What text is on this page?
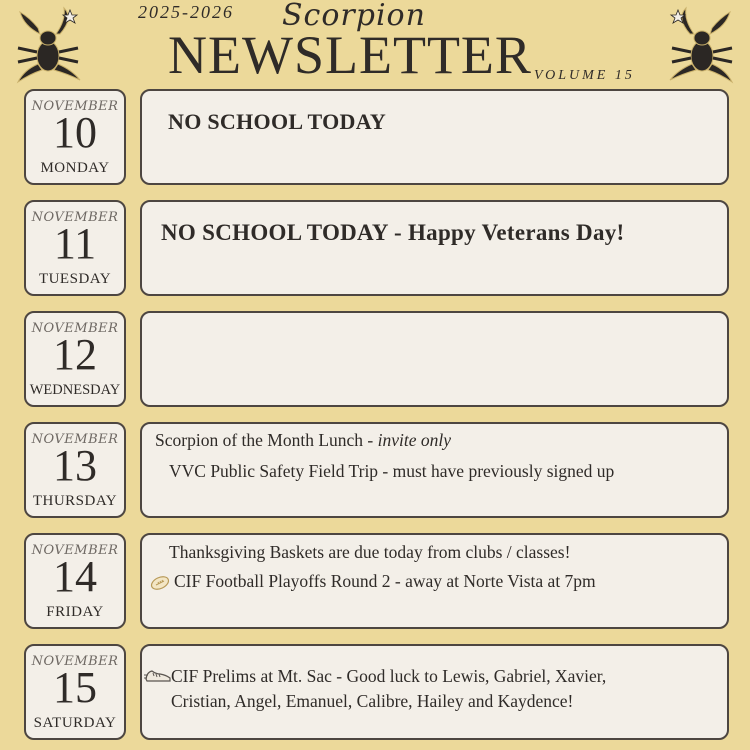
2025-2026 Scorpion
NEWSLETTER VOLUME 15
NOVEMBER
10
MONDAY
NO SCHOOL TODAY
NOVEMBER
11
TUESDAY
NO SCHOOL TODAY - Happy Veterans Day!
NOVEMBER
12
WEDNESDAY
NOVEMBER
13
THURSDAY
Scorpion of the Month Lunch - invite only
VVC Public Safety Field Trip - must have previously signed up
NOVEMBER
14
FRIDAY
Thanksgiving Baskets are due today from clubs / classes!
CIF Football Playoffs Round 2 - away at Norte Vista at 7pm
NOVEMBER
15
SATURDAY
CIF Prelims at Mt. Sac - Good luck to Lewis, Gabriel, Xavier,
Cristian, Angel, Emanuel, Calibre, Hailey and Kaydence!
